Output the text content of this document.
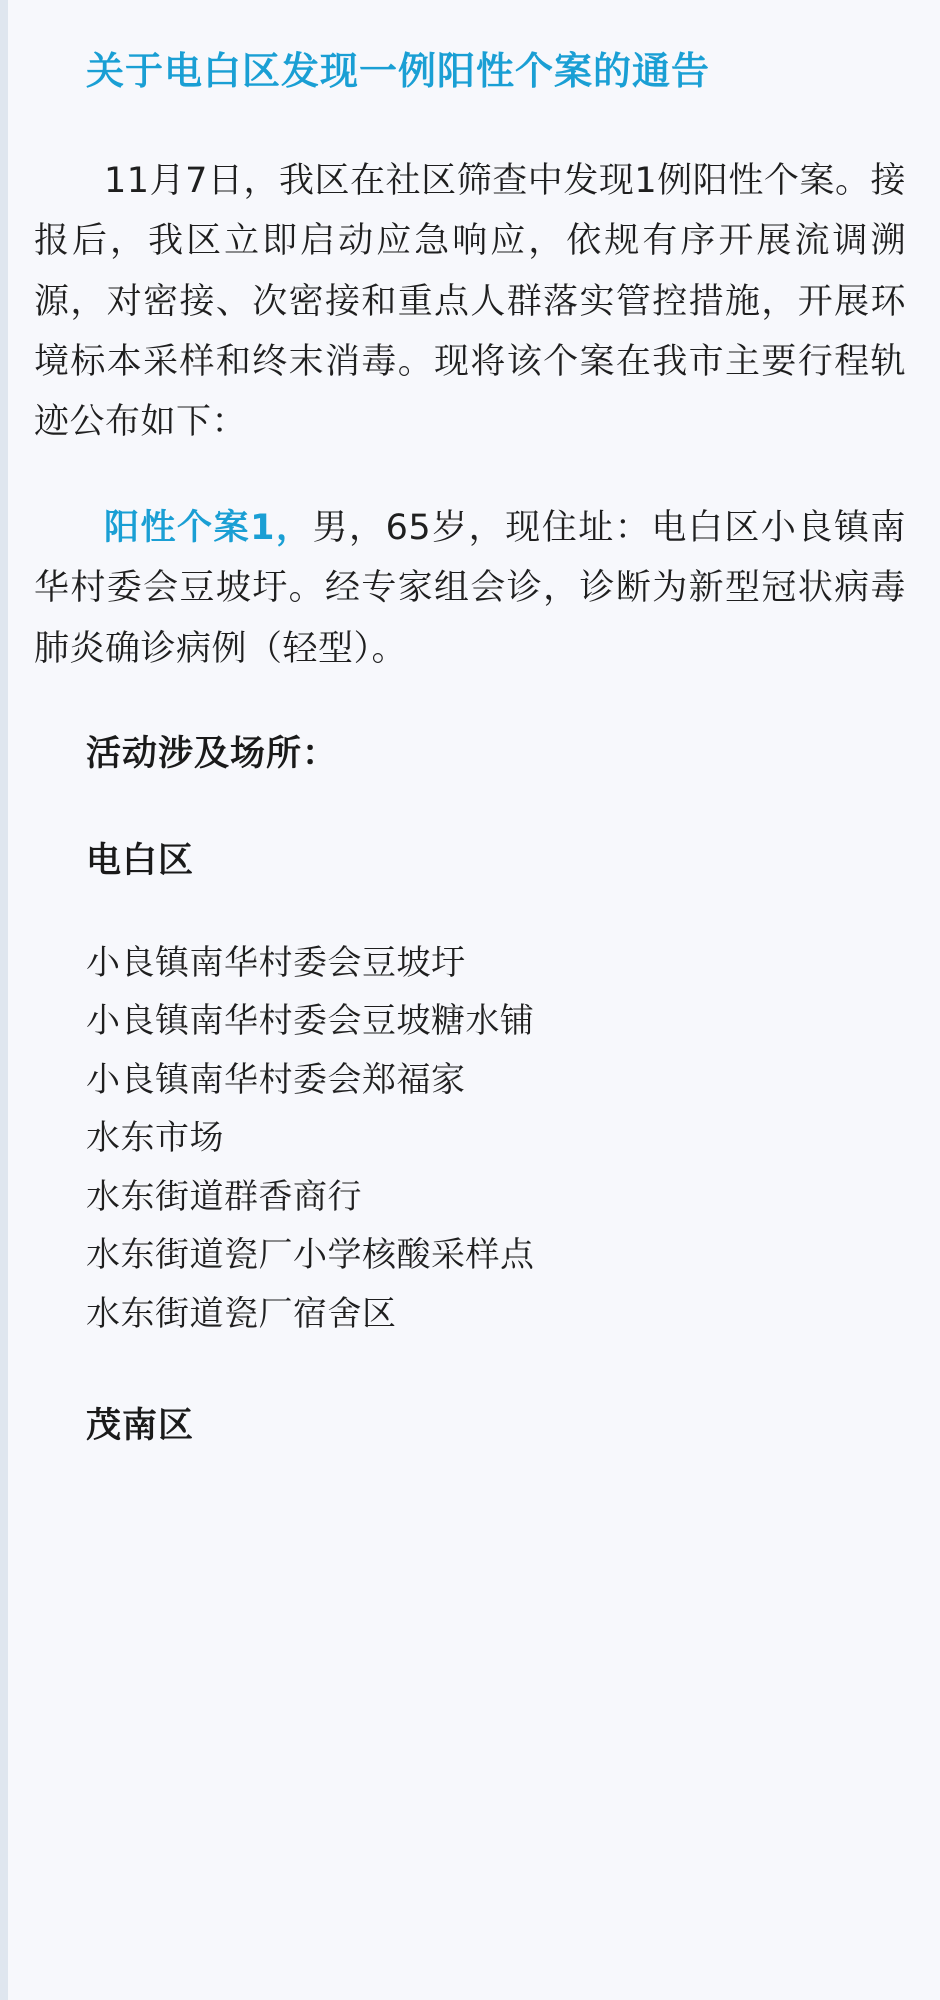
关于电白区发现一例阳性个案的通告

11月7日，我区在社区筛查中发现1例阳性个案。接报后，我区立即启动应急响应，依规有序开展流调溯源，对密接、次密接和重点人群落实管控措施，开展环境标本采样和终末消毒。现将该个案在我市主要行程轨迹公布如下：

阳性个案1，男，65岁，现住址：电白区小良镇南华村委会豆坡圩。经专家组会诊，诊断为新型冠状病毒肺炎确诊病例（轻型）。

活动涉及场所：
电白区
小良镇南华村委会豆坡圩
小良镇南华村委会豆坡糖水铺
小良镇南华村委会郑福家
水东市场
水东街道群香商行
水东街道瓷厂小学核酸采样点
水东街道瓷厂宿舍区
茂南区
